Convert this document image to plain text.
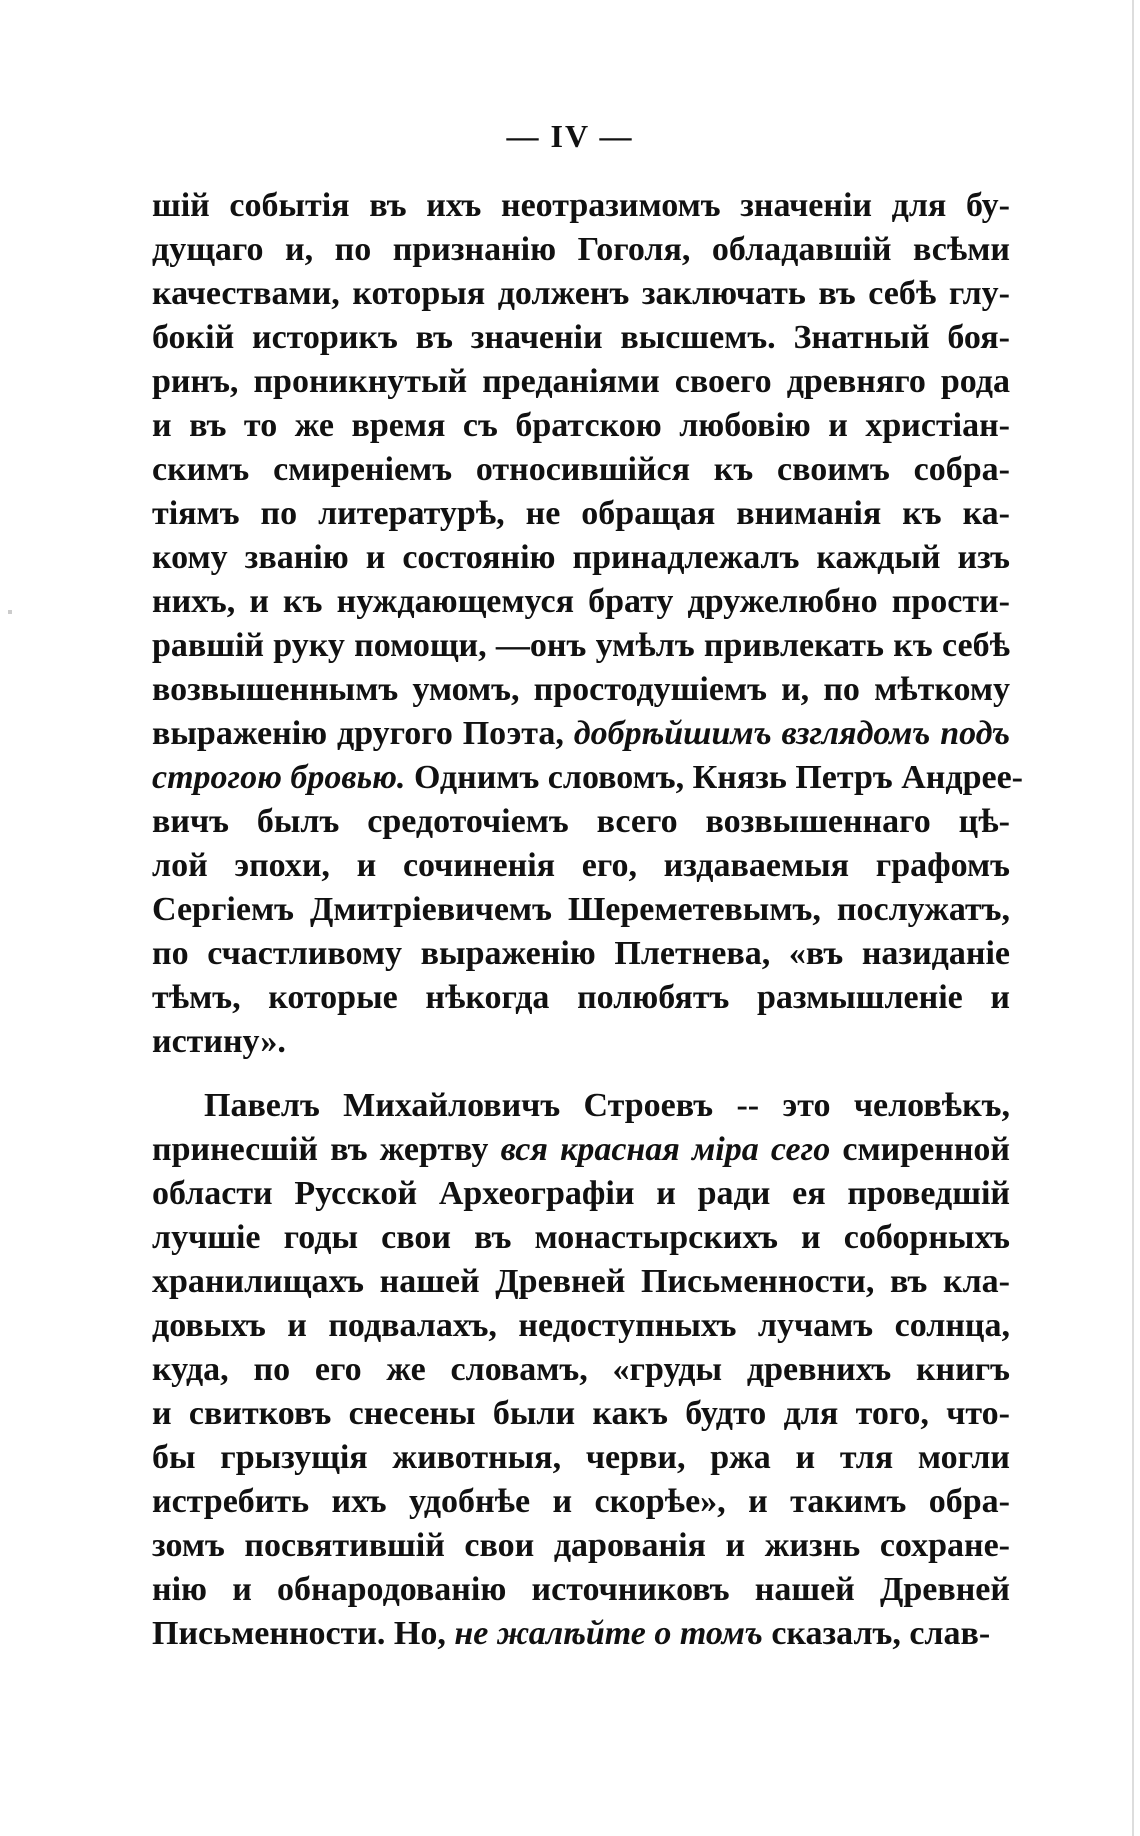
— IV —
шій событія въ ихъ неотразимомъ значеніи для бу-
дущаго и, по признанію Гоголя, обладавшій всѣми
качествами, которыя долженъ заключать въ себѣ глу-
бокій историкъ въ значеніи высшемъ. Знатный боя-
ринъ, проникнутый преданіями своего древняго рода
и въ то же время съ братскою любовію и христіан-
скимъ смиреніемъ относившійся къ своимъ собра-
тіямъ по литературѣ, не обращая вниманія къ ка-
кому званію и состоянію принадлежалъ каждый изъ
нихъ, и къ нуждающемуся брату дружелюбно прости-
равшій руку помощи, —онъ умѣлъ привлекать къ себѣ
возвышеннымъ умомъ, простодушіемъ и, по мѣткому
выраженію другого Поэта, добрѣйшимъ взглядомъ подъ
строгою бровью. Однимъ словомъ, Князь Петръ Андрее-
вичъ былъ средоточіемъ всего возвышеннаго цѣ-
лой эпохи, и сочиненія его, издаваемыя графомъ
Сергіемъ Дмитріевичемъ Шереметевымъ, послужатъ,
по счастливому выраженію Плетнева, «въ назиданіе
тѣмъ, которые нѣкогда полюбятъ размышленіе и
истину».
Павелъ Михайловичъ Строевъ -- это человѣкъ,
принесшій въ жертву вся красная міра сего смиренной
области Русской Археографіи и ради ея проведшій
лучшіе годы свои въ монастырскихъ и соборныхъ
хранилищахъ нашей Древней Письменности, въ кла-
довыхъ и подвалахъ, недоступныхъ лучамъ солнца,
куда, по его же словамъ, «груды древнихъ книгъ
и свитковъ снесены были какъ будто для того, что-
бы грызущія животныя, черви, ржа и тля могли
истребить ихъ удобнѣе и скорѣе», и такимъ обра-
зомъ посвятившій свои дарованія и жизнь сохране-
нію и обнародованію источниковъ нашей Древней
Письменности. Но, не жалѣйте о томъ сказалъ, слав-
